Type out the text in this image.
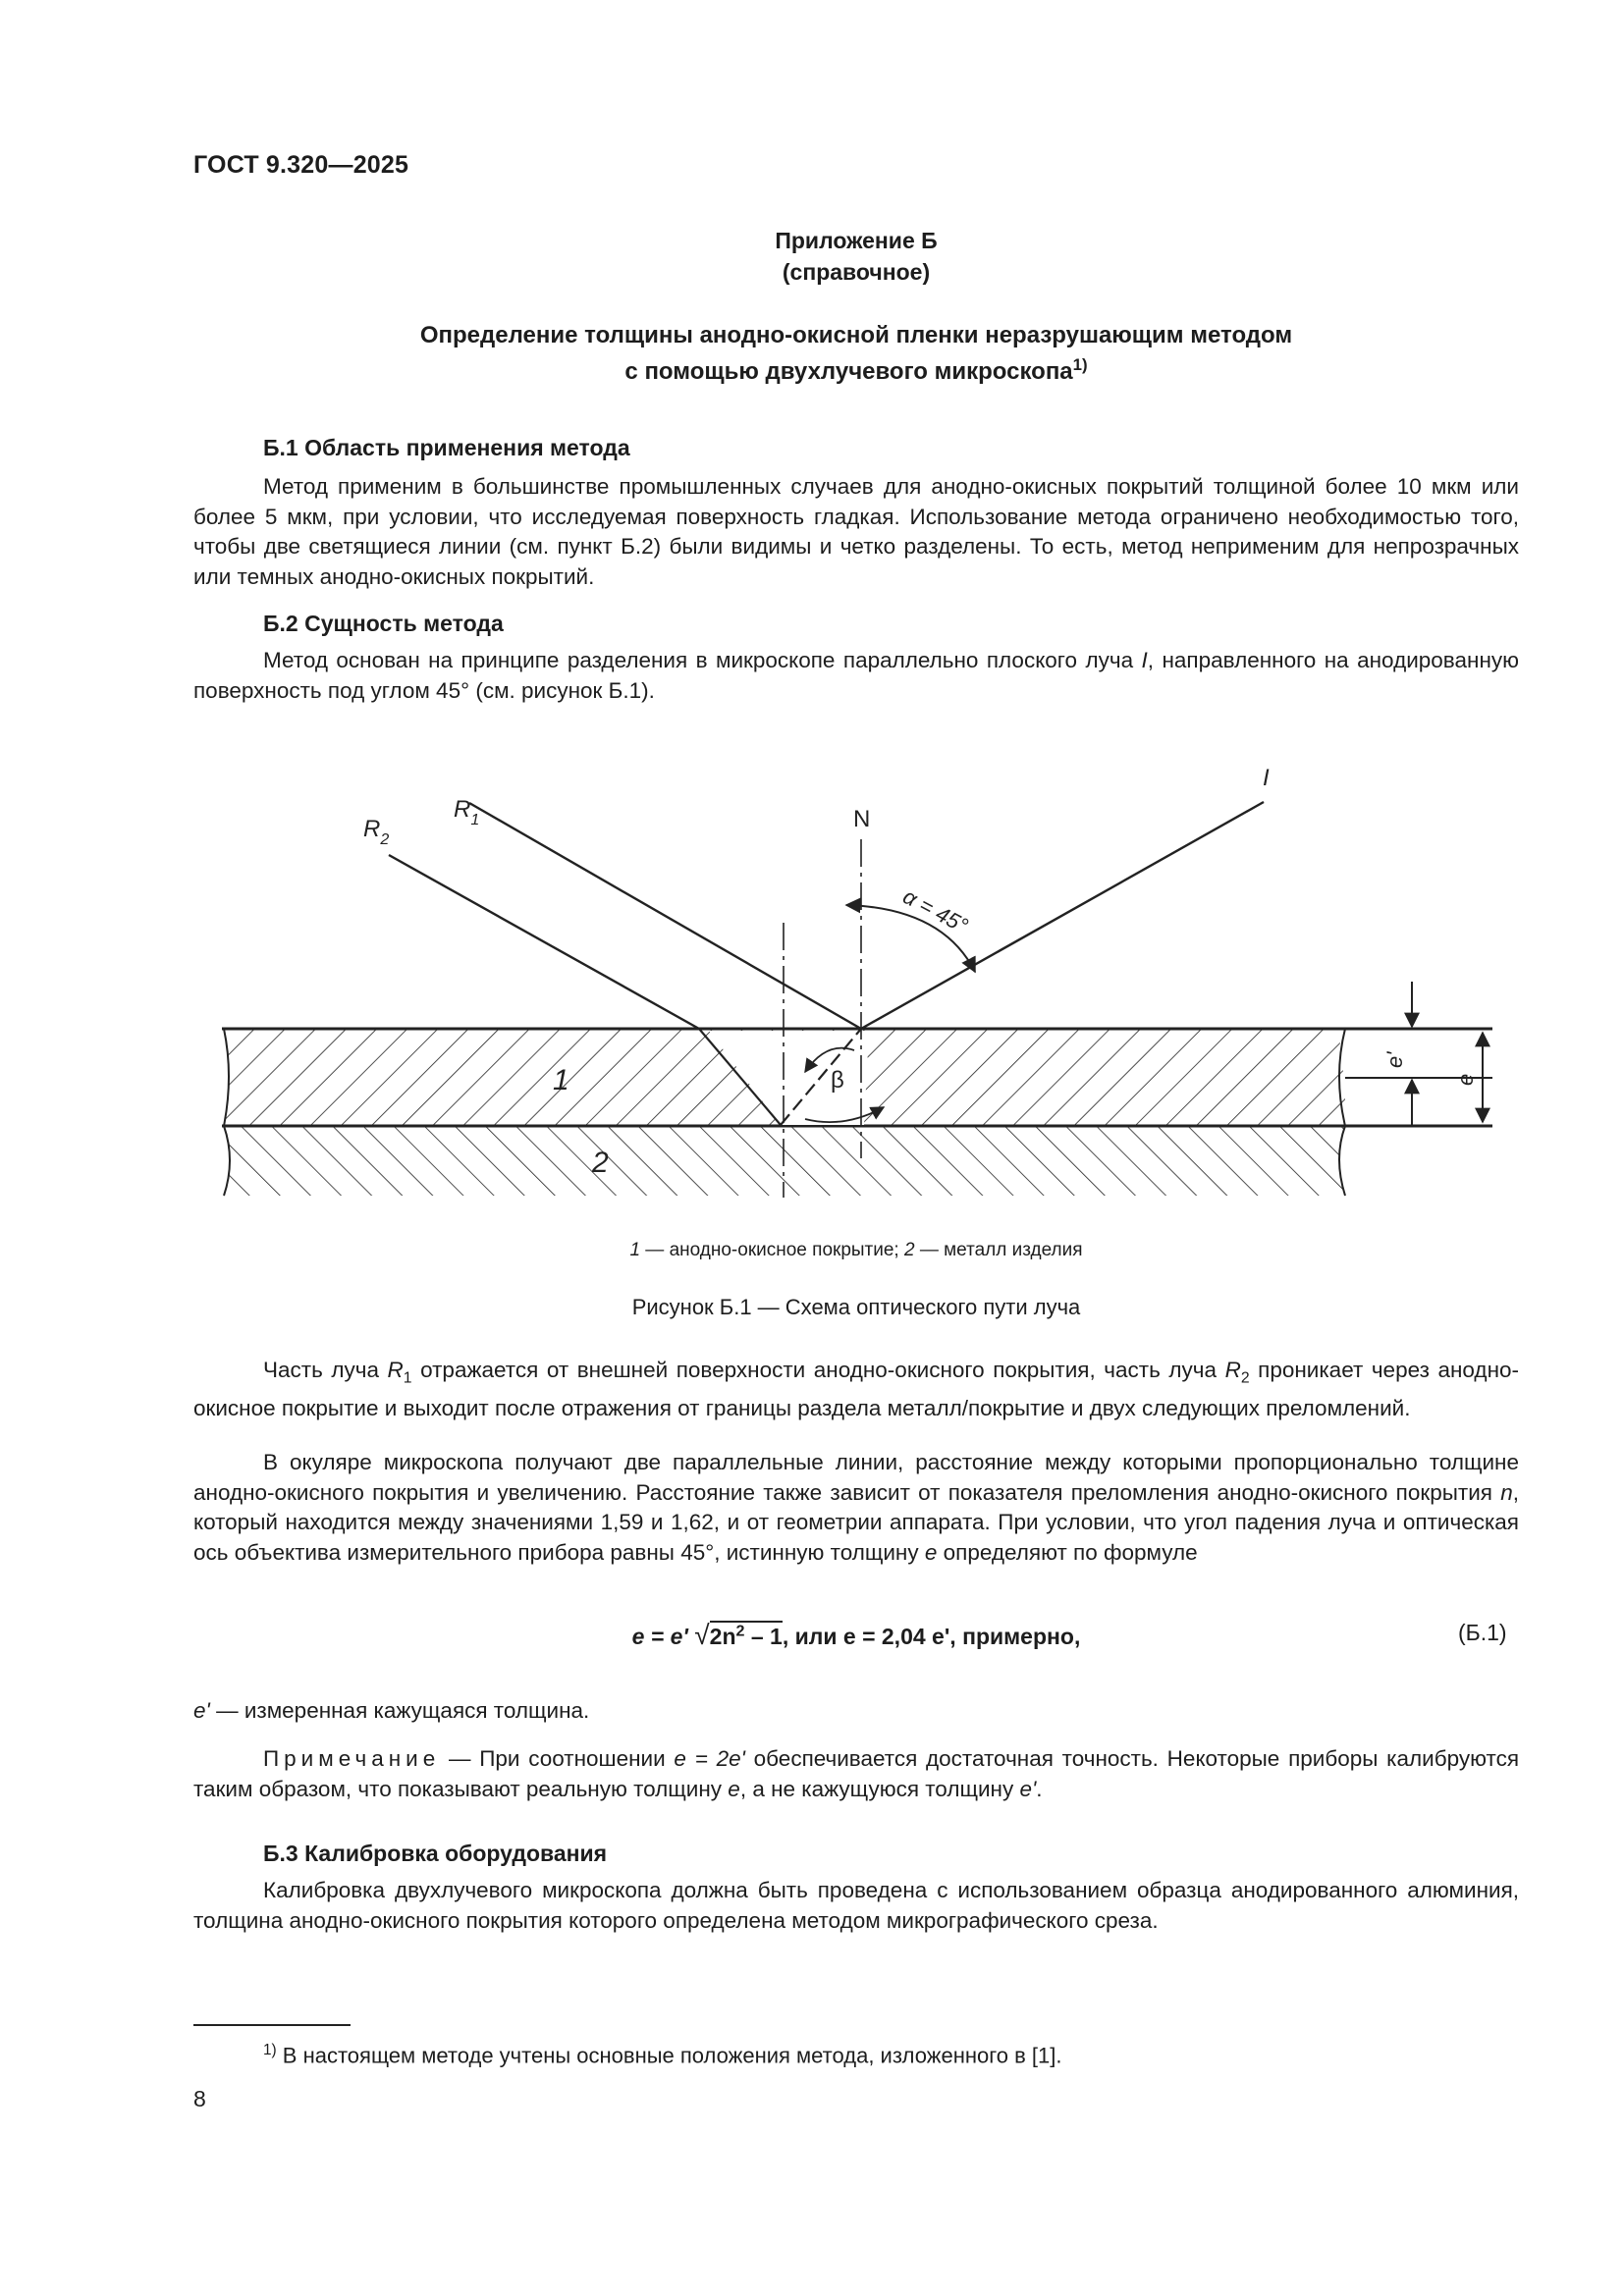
ГОСТ 9.320—2025
Приложение Б
(справочное)
Определение толщины анодно-окисной пленки неразрушающим методом
с помощью двухлучевого микроскопа$^{1)}$
Б.1 Область применения метода

Метод применим в большинстве промышленных случаев для анодно-окисных покрытий толщиной более 10 мкм или более 5 мкм, при условии, что исследуемая поверхность гладкая. Использование метода ограничено необходимостью того, чтобы две светящиеся линии (см. пункт Б.2) были видимы и четко разделены. То есть, метод неприменим для непрозрачных или темных анодно-окисных покрытий.

Б.2 Сущность метода

Метод основан на принципе разделения в микроскопе параллельно плоского луча I, направленного на анодированную поверхность под углом 45° (см. рисунок Б.1).

$R_1$
$R_2$
N
I
α = 45°
β
e'
e
1
2
1 — анодно-окисное покрытие; 2 — металл изделия
Рисунок Б.1 — Схема оптического пути луча

Часть луча $R_1$ отражается от внешней поверхности анодно-окисного покрытия, часть луча $R_2$ проникает через анодно-окисное покрытие и выходит после отражения от границы раздела металл/покрытие и двух следующих преломлений.

В окуляре микроскопа получают две параллельные линии, расстояние между которыми пропорционально толщине анодно-окисного покрытия и увеличению. Расстояние также зависит от показателя преломления анодно-окисного покрытия n, который находится между значениями 1,59 и 1,62, и от геометрии аппарата. При условии, что угол падения луча и оптическая ось объектива измерительного прибора равны 45°, истинную толщину e определяют по формуле

e = e' $√2n^2 - 1$, или e = 2,04 e', примерно,	(Б.1)

e' — измеренная кажущаяся толщина.

Примечание — При соотношении e = 2e' обеспечивается достаточная точность. Некоторые приборы калибруются таким образом, что показывают реальную толщину e, а не кажущуюся толщину e'.

Б.3 Калибровка оборудования

Калибровка двухлучевого микроскопа должна быть проведена с использованием образца анодированного алюминия, толщина анодно-окисного покрытия которого определена методом микрографического среза.

$^{1)}$ В настоящем методе учтены основные положения метода, изложенного в [1].
8
